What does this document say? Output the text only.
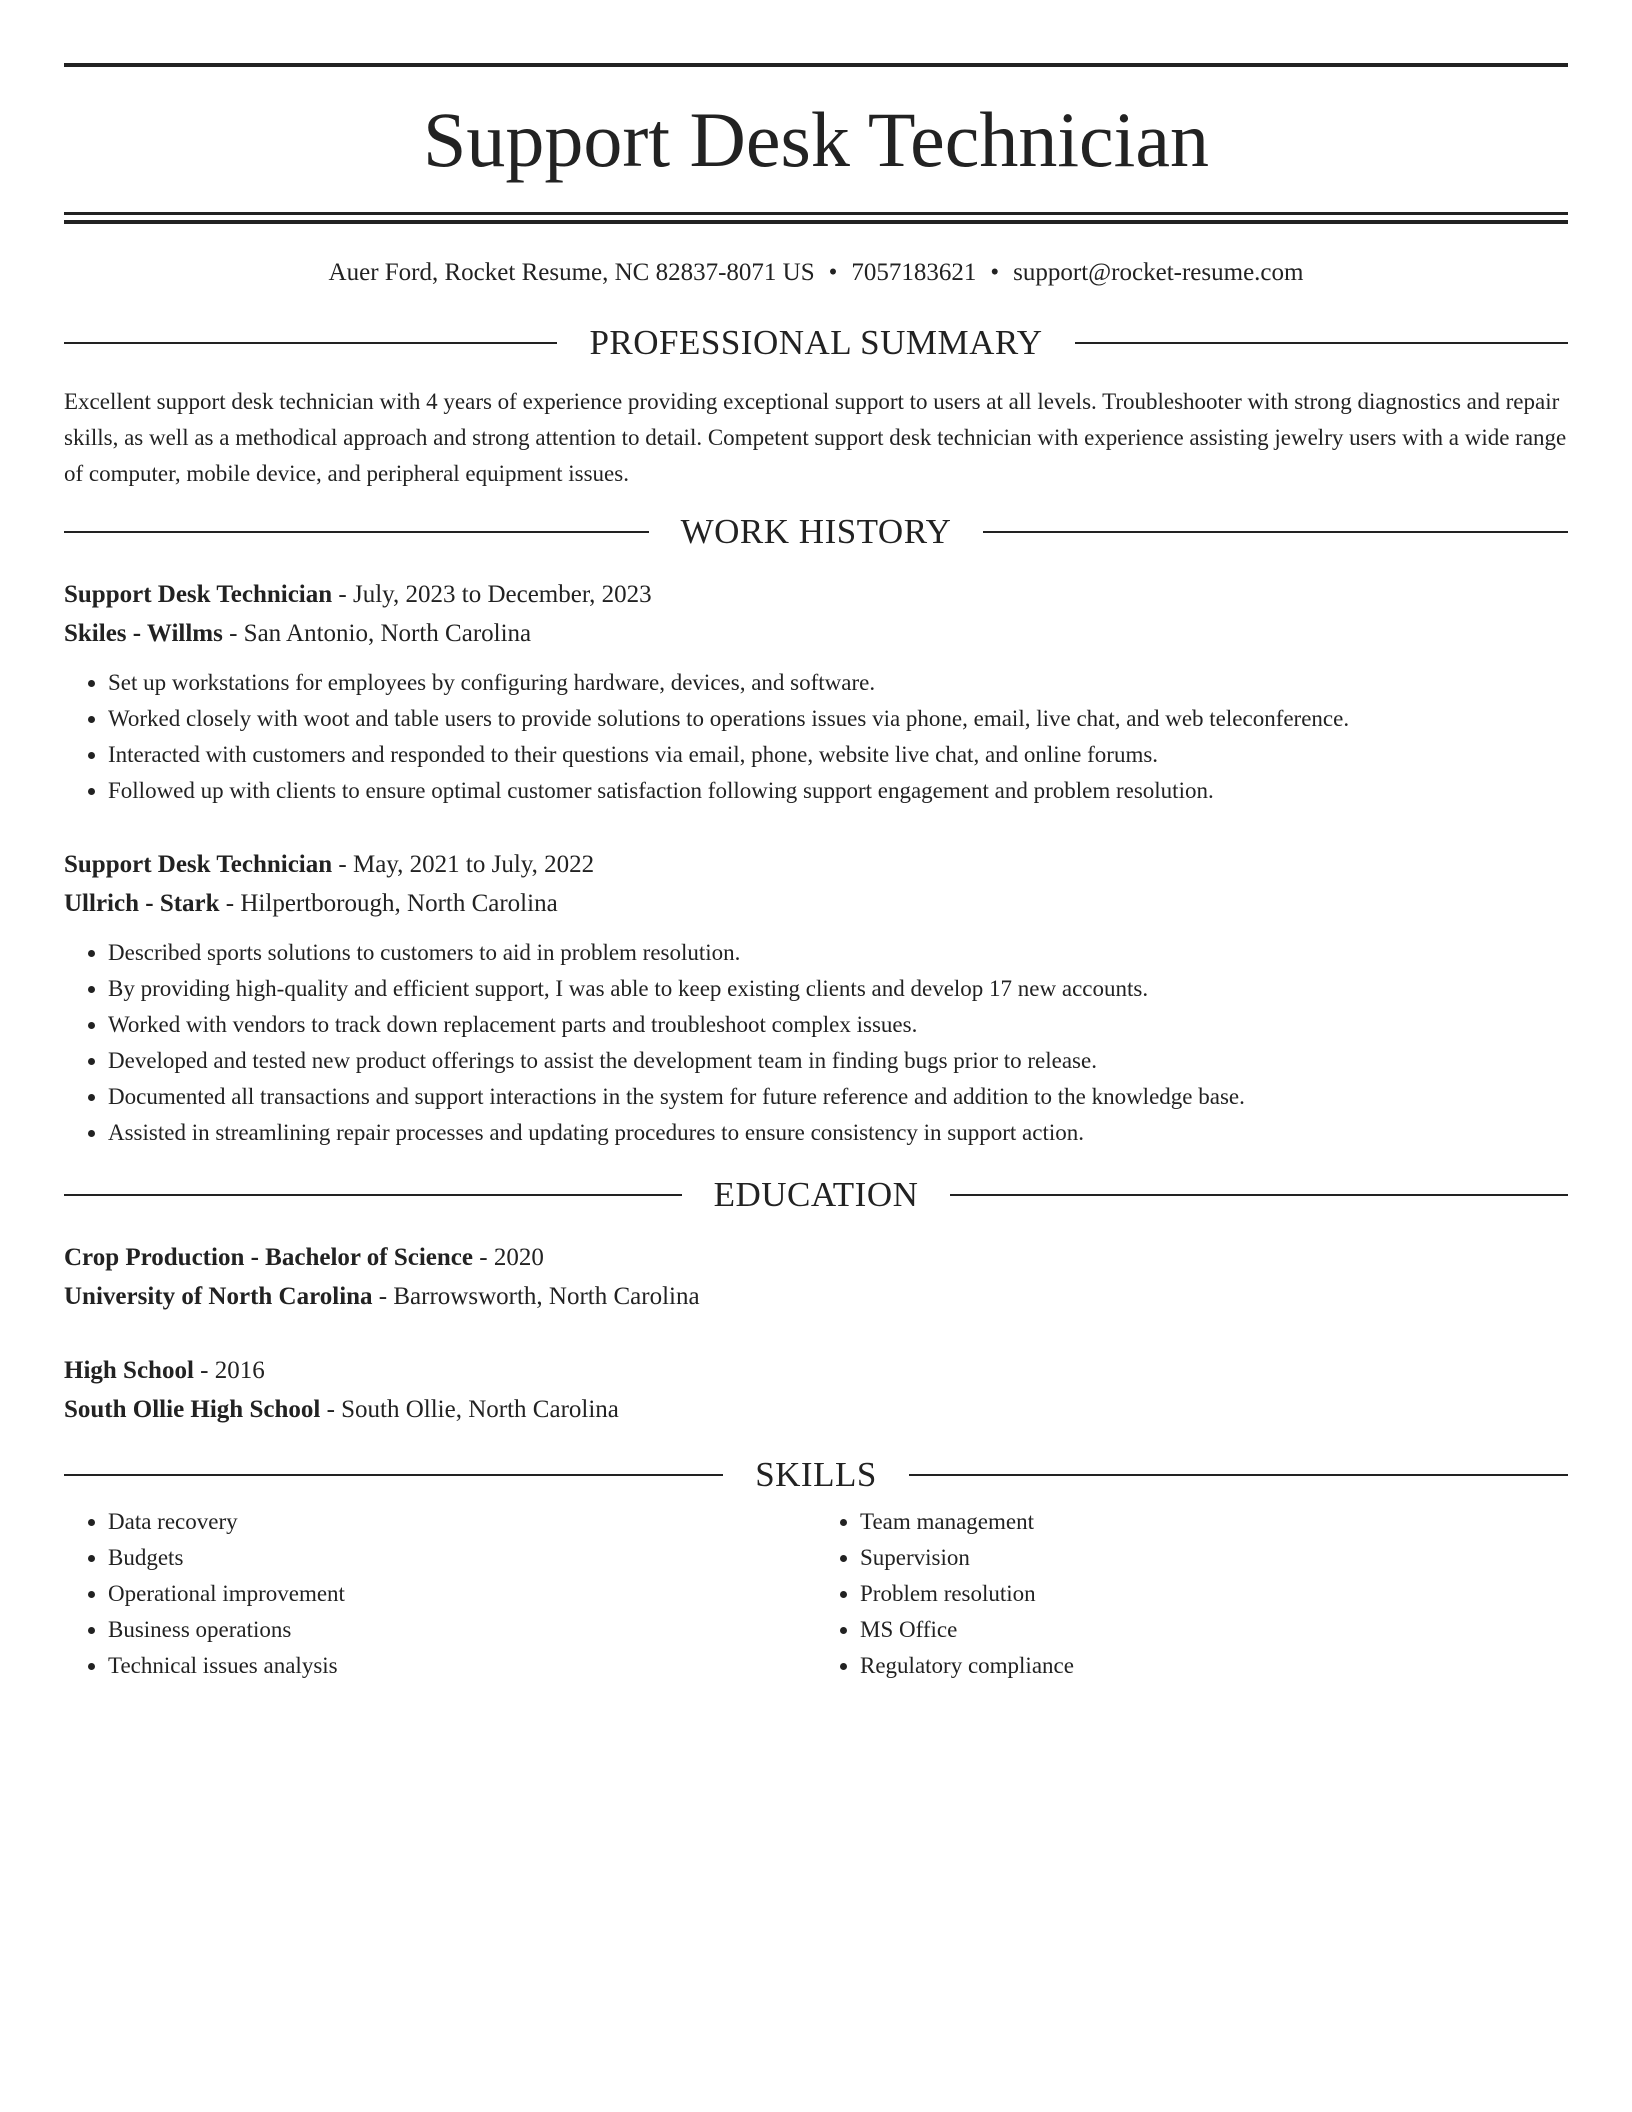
Support Desk Technician
Auer Ford, Rocket Resume, NC 82837-8071 US • 7057183621 • support@rocket-resume.com
PROFESSIONAL SUMMARY
Excellent support desk technician with 4 years of experience providing exceptional support to users at all levels. Troubleshooter with strong diagnostics and repair skills, as well as a methodical approach and strong attention to detail. Competent support desk technician with experience assisting jewelry users with a wide range of computer, mobile device, and peripheral equipment issues.
WORK HISTORY
Support Desk Technician - July, 2023 to December, 2023
Skiles - Willms - San Antonio, North Carolina
• Set up workstations for employees by configuring hardware, devices, and software.
• Worked closely with woot and table users to provide solutions to operations issues via phone, email, live chat, and web teleconference.
• Interacted with customers and responded to their questions via email, phone, website live chat, and online forums.
• Followed up with clients to ensure optimal customer satisfaction following support engagement and problem resolution.
Support Desk Technician - May, 2021 to July, 2022
Ullrich - Stark - Hilpertborough, North Carolina
• Described sports solutions to customers to aid in problem resolution.
• By providing high-quality and efficient support, I was able to keep existing clients and develop 17 new accounts.
• Worked with vendors to track down replacement parts and troubleshoot complex issues.
• Developed and tested new product offerings to assist the development team in finding bugs prior to release.
• Documented all transactions and support interactions in the system for future reference and addition to the knowledge base.
• Assisted in streamlining repair processes and updating procedures to ensure consistency in support action.
EDUCATION
Crop Production - Bachelor of Science - 2020
University of North Carolina - Barrowsworth, North Carolina
High School - 2016
South Ollie High School - South Ollie, North Carolina
SKILLS
• Data recovery
• Budgets
• Operational improvement
• Business operations
• Technical issues analysis
• Team management
• Supervision
• Problem resolution
• MS Office
• Regulatory compliance
